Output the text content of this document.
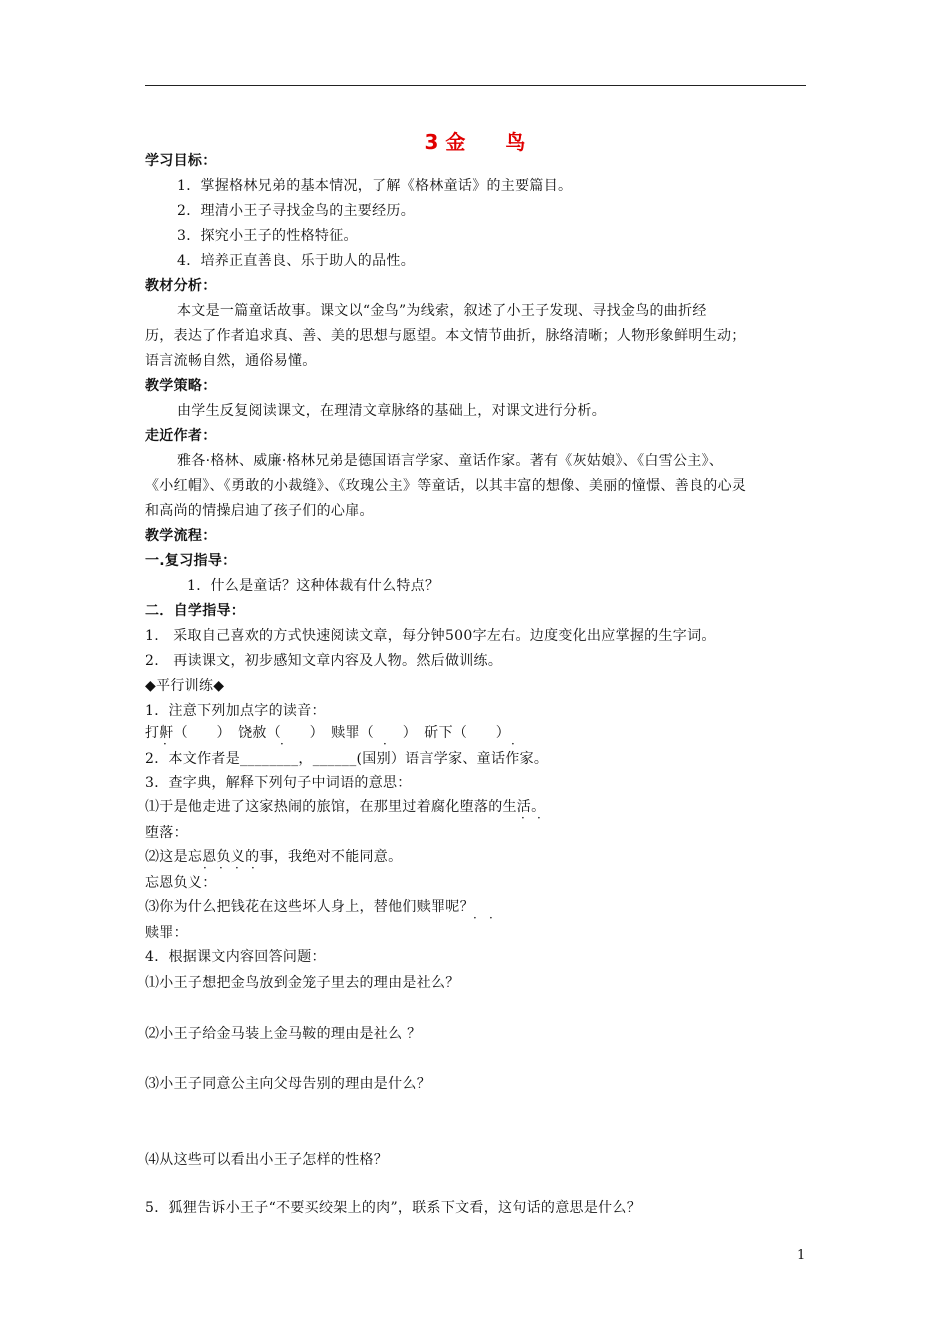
3 金　　鸟
学习目标：
1．掌握格林兄弟的基本情况，了解《格林童话》的主要篇目。
2．理清小王子寻找金鸟的主要经历。
3．探究小王子的性格特征。
4．培养正直善良、乐于助人的品性。
教材分析：
本文是一篇童话故事。课文以“金鸟”为线索，叙述了小王子发现、寻找金鸟的曲折经
历，表达了作者追求真、善、美的思想与愿望。本文情节曲折，脉络清晰；人物形象鲜明生动；
语言流畅自然，通俗易懂。
教学策略：
由学生反复阅读课文，在理清文章脉络的基础上，对课文进行分析。
走近作者：
雅各·格林、威廉·格林兄弟是德国语言学家、童话作家。著有《灰姑娘》、《白雪公主》、
《小红帽》、《勇敢的小裁缝》、《玫瑰公主》等童话，以其丰富的想像、美丽的憧憬、善良的心灵
和高尚的情操启迪了孩子们的心扉。
教学流程：
一.复习指导：
1．什么是童话？这种体裁有什么特点？
二．自学指导：
1.　采取自己喜欢的方式快速阅读文章，每分钟500字左右。边度变化出应掌握的生字词。
2.　再读课文，初步感知文章内容及人物。然后做训练。
◆平行训练◆
1．注意下列加点字的读音：
打鼾（　　）　饶赦（　　）　赎罪（　　）　斫下（　　）
·	·	·	·
2．本文作者是________，______(国别）语言学家、童话作家。
3．查字典，解释下列句子中词语的意思：
⑴于是他走进了这家热闹的旅馆，在那里过着腐化堕落的生活。
· ·
堕落：
⑵这是忘恩负义的事，我绝对不能同意。
· · · ·
忘恩负义：
⑶你为什么把钱花在这些坏人身上，替他们赎罪呢？
· ·
赎罪：
4．根据课文内容回答问题：
⑴小王子想把金鸟放到金笼子里去的理由是社么？
⑵小王子给金马装上金马鞍的理由是社么 ？
⑶小王子同意公主向父母告别的理由是什么？
⑷从这些可以看出小王子怎样的性格？
5．狐狸告诉小王子“不要买绞架上的肉”，联系下文看，这句话的意思是什么？
1
